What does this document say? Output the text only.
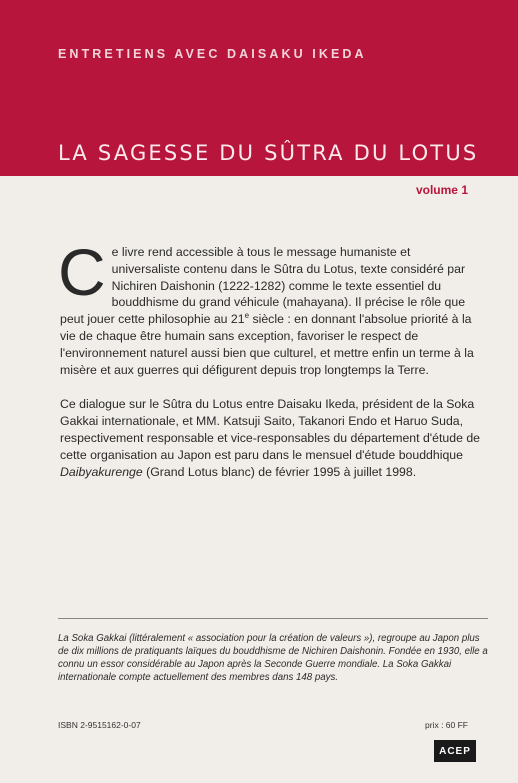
ENTRETIENS AVEC DAISAKU IKEDA
LA SAGESSE DU SÛTRA DU LOTUS
volume 1

Ce livre rend accessible à tous le message humaniste et universaliste contenu dans le Sûtra du Lotus, texte considéré par Nichiren Daishonin (1222-1282) comme le texte essentiel du bouddhisme du grand véhicule (mahayana). Il précise le rôle que peut jouer cette philosophie au 21e siècle : en donnant l'absolue priorité à la vie de chaque être humain sans exception, favoriser le respect de l'environnement naturel aussi bien que culturel, et mettre enfin un terme à la misère et aux guerres qui défigurent depuis trop longtemps la Terre.

Ce dialogue sur le Sûtra du Lotus entre Daisaku Ikeda, président de la Soka Gakkai internationale, et MM. Katsuji Saito, Takanori Endo et Haruo Suda, respectivement responsable et vice-responsables du département d'étude de cette organisation au Japon est paru dans le mensuel d'étude bouddhique Daibyakurenge (Grand Lotus blanc) de février 1995 à juillet 1998.

La Soka Gakkai (littéralement « association pour la création de valeurs »), regroupe au Japon plus de dix millions de pratiquants laïques du bouddhisme de Nichiren Daishonin. Fondée en 1930, elle a connu un essor considérable au Japon après la Seconde Guerre mondiale. La Soka Gakkai internationale compte actuellement des membres dans 148 pays.

ISBN 2-9515162-0-07	prix : 60 FF
ACEP
